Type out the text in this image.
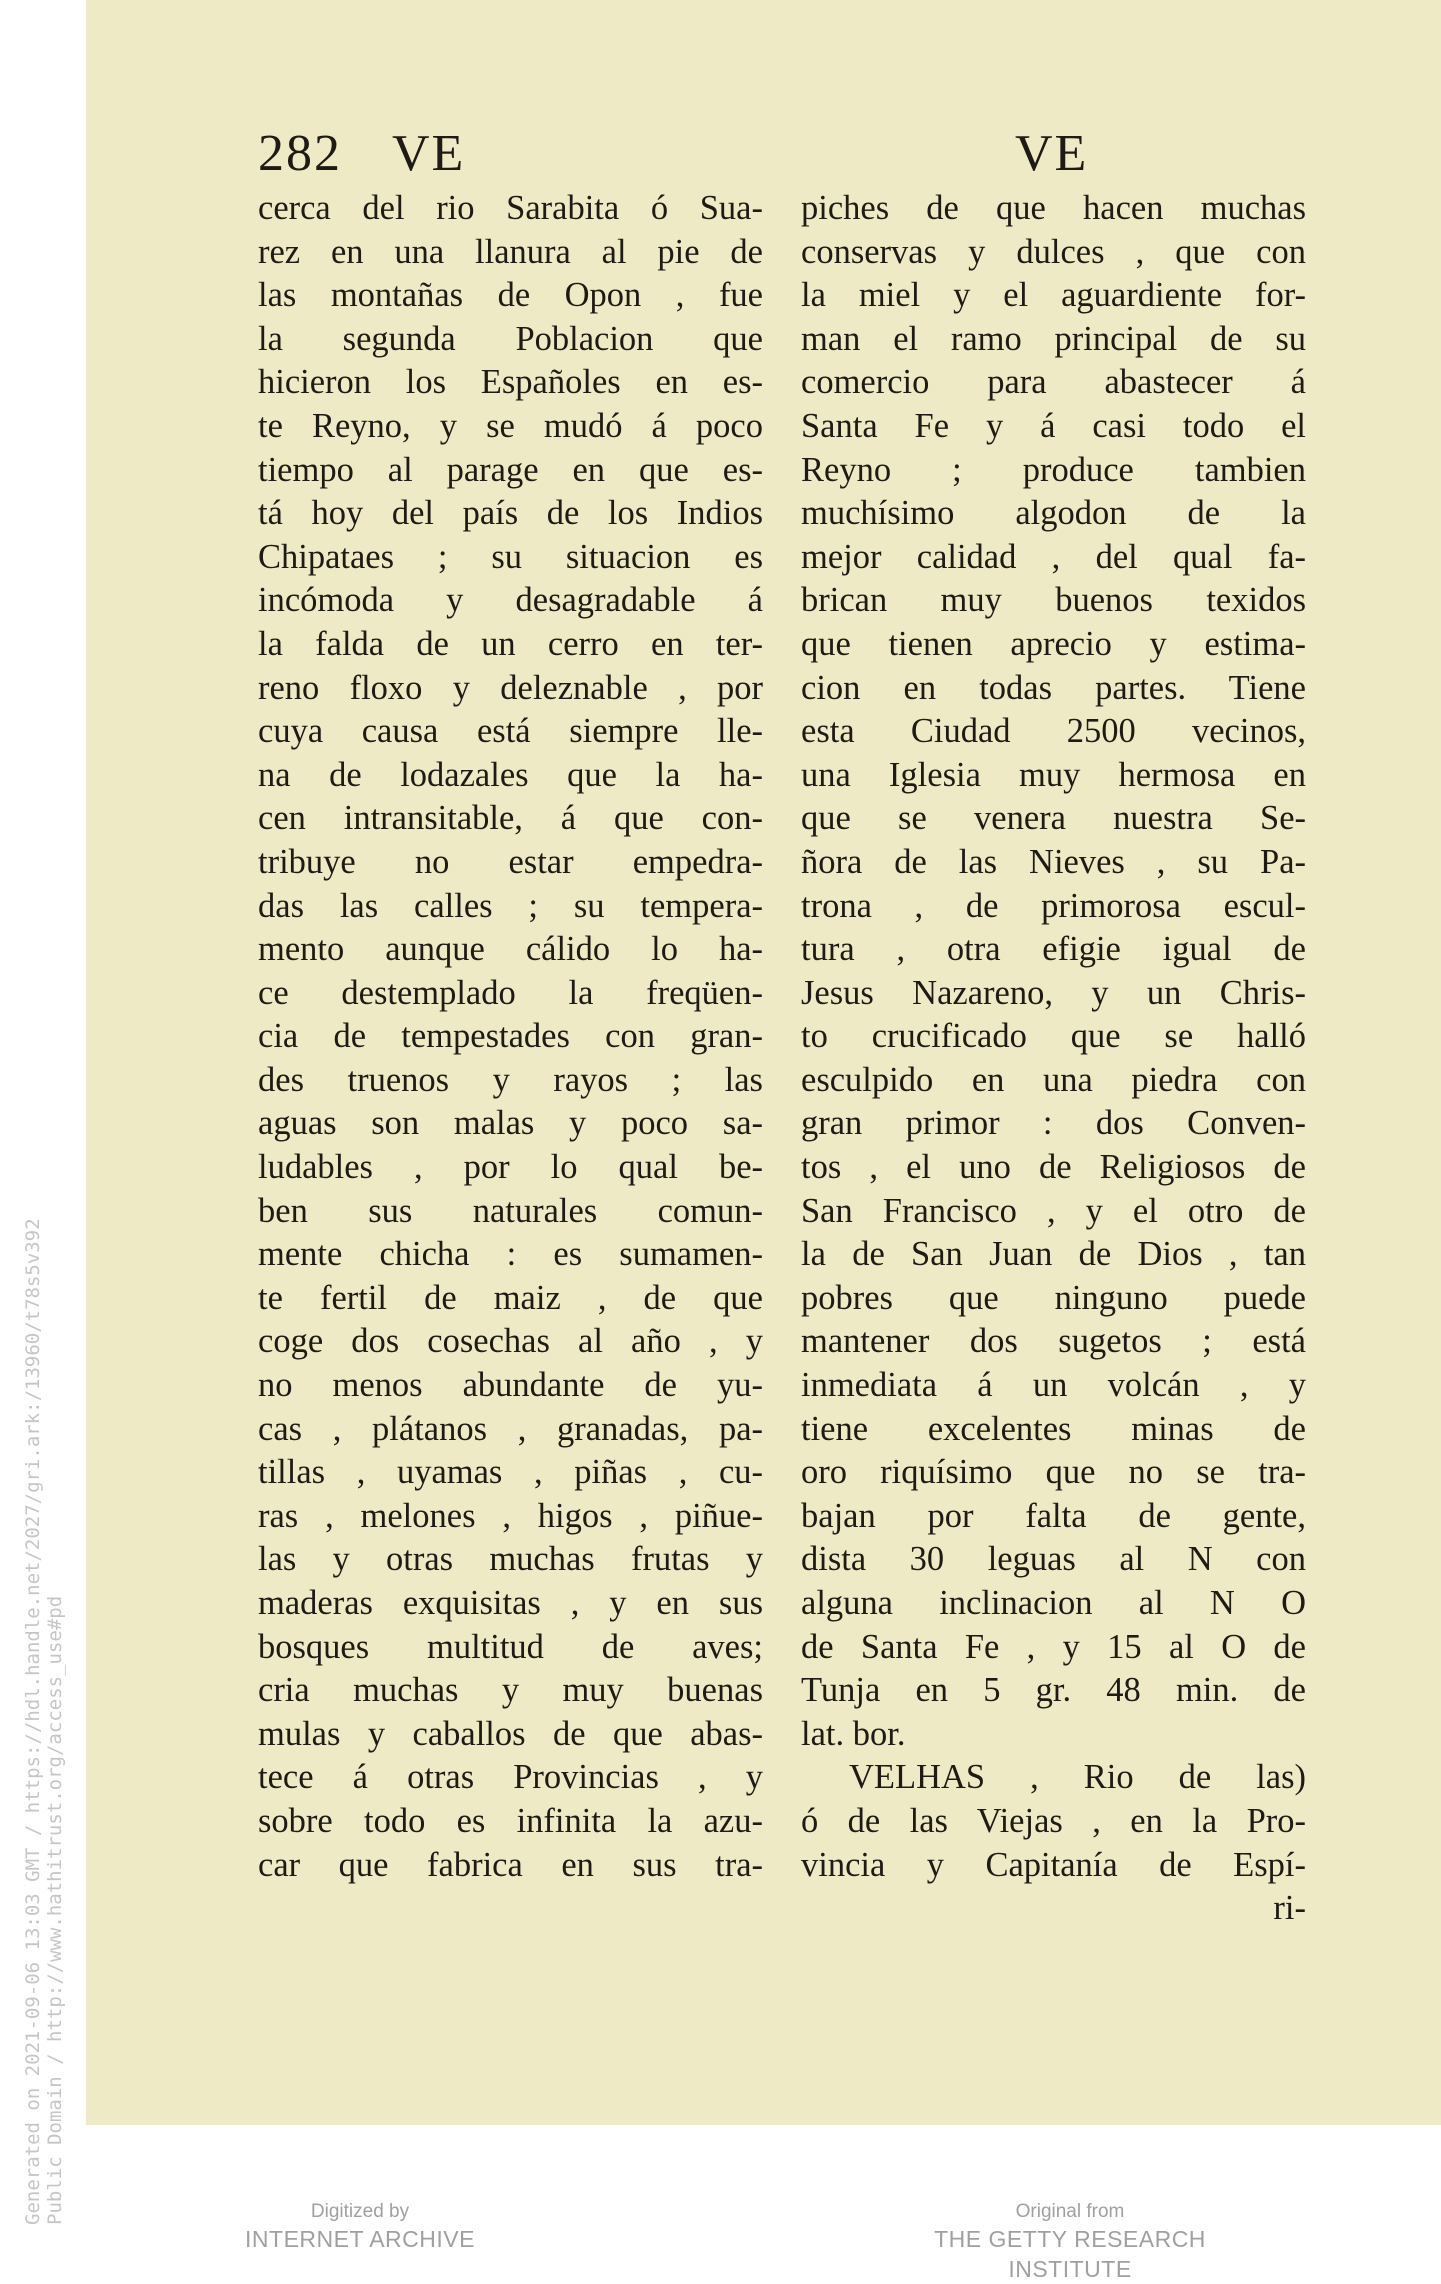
282 VE	VE
cerca del rio Sarabita ó Sua-
rez en una llanura al pie de
las montañas de Opon , fue
la segunda Poblacion que
hicieron los Españoles en es-
te Reyno, y se mudó á poco
tiempo al parage en que es-
tá hoy del país de los Indios
Chipataes ; su situacion es
incómoda y desagradable á
la falda de un cerro en ter-
reno floxo y deleznable , por
cuya causa está siempre lle-
na de lodazales que la ha-
cen intransitable, á que con-
tribuye no estar empedra-
das las calles ; su tempera-
mento aunque cálido lo ha-
ce destemplado la freqüen-
cia de tempestades con gran-
des truenos y rayos ; las
aguas son malas y poco sa-
ludables , por lo qual be-
ben sus naturales comun-
mente chicha : es sumamen-
te fertil de maiz , de que
coge dos cosechas al año , y
no menos abundante de yu-
cas , plátanos , granadas, pa-
tillas , uyamas , piñas , cu-
ras , melones , higos , piñue-
las y otras muchas frutas y
maderas exquisitas , y en sus
bosques multitud de aves;
cria muchas y muy buenas
mulas y caballos de que abas-
tece á otras Provincias , y
sobre todo es infinita la azu-
car que fabrica en sus tra-
piches de que hacen muchas
conservas y dulces , que con
la miel y el aguardiente for-
man el ramo principal de su
comercio para abastecer á
Santa Fe y á casi todo el
Reyno ; produce tambien
muchísimo algodon de la
mejor calidad , del qual fa-
brican muy buenos texidos
que tienen aprecio y estima-
cion en todas partes. Tiene
esta Ciudad 2500 vecinos,
una Iglesia muy hermosa en
que se venera nuestra Se-
ñora de las Nieves , su Pa-
trona , de primorosa escul-
tura , otra efigie igual de
Jesus Nazareno, y un Chris-
to crucificado que se halló
esculpido en una piedra con
gran primor : dos Conven-
tos , el uno de Religiosos de
San Francisco , y el otro de
la de San Juan de Dios , tan
pobres que ninguno puede
mantener dos sugetos ; está
inmediata á un volcán , y
tiene excelentes minas de
oro riquísimo que no se tra-
bajan por falta de gente,
dista 30 leguas al N con
alguna inclinacion al N O
de Santa Fe , y 15 al O de
Tunja en 5 gr. 48 min. de
lat. bor.
VELHAS , Rio de las)
ó de las Viejas , en la Pro-
vincia y Capitanía de Espí-
ri-
Generated on 2021-09-06 13:03 GMT / https://hdl.handle.net/2027/gri.ark:/13960/t78s5v392 Public Domain / http://www.hathitrust.org/access_use#pd	Digitized by
INTERNET ARCHIVE
Original from
THE GETTY RESEARCH INSTITUTE
